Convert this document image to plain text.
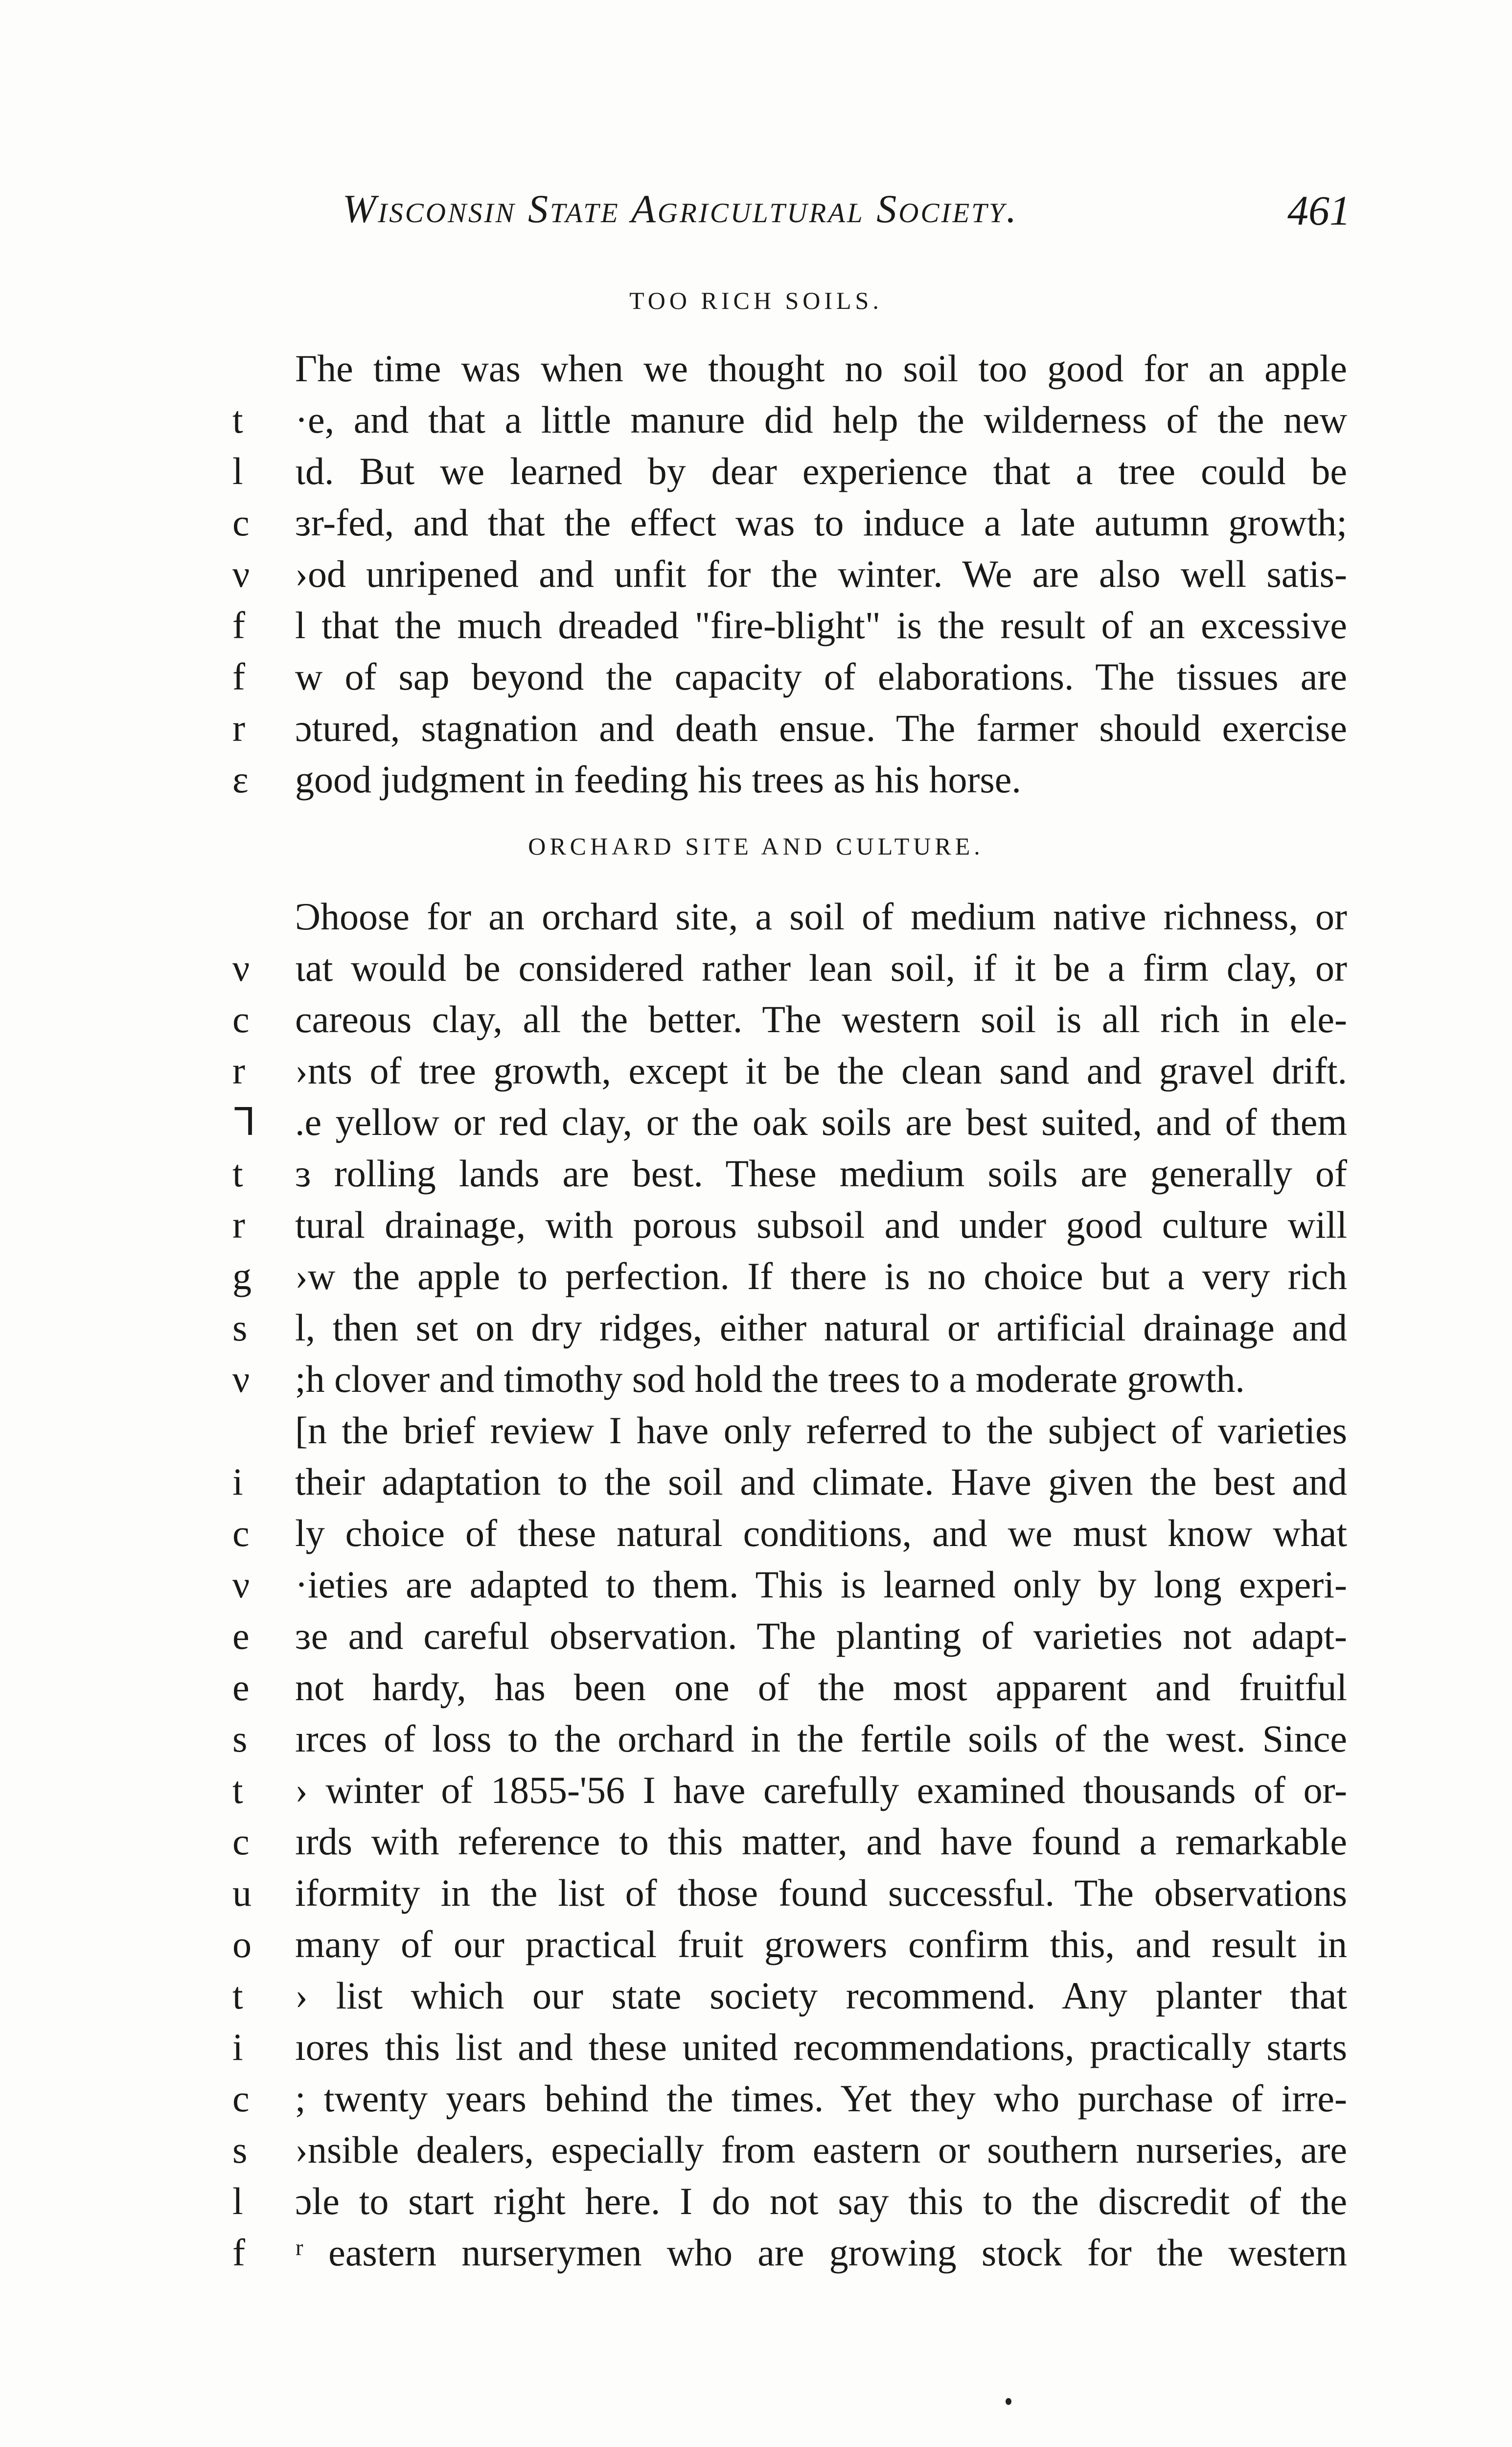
Wisconsin State Agricultural Society.	461
TOO RICH SOILS.
Гhe time was when we thought no soil too good for an apple
t ·e, and that a little manure did help the wilderness of the new
l ɩd. But we learned by dear experience that a tree could be
c ɜr-fed, and that the effect was to induce a late autumn growth;
ν ›od unripened and unfit for the winter. We are also well satis-
f l that the much dreaded "fire-blight" is the result of an excessive
f w of sap beyond the capacity of elaborations. The tissues are
r ɔtured, stagnation and death ensue. The farmer should exercise
ɛ good judgment in feeding his trees as his horse.
ORCHARD SITE AND CULTURE.
Ͻhoose for an orchard site, a soil of medium native richness, or
ν ɩat would be considered rather lean soil, if it be a firm clay, or
c careous clay, all the better. The western soil is all rich in ele-
r ›nts of tree growth, except it be the clean sand and gravel drift.
ᒣ .e yellow or red clay, or the oak soils are best suited, and of them
t ɜ rolling lands are best. These medium soils are generally of
r tural drainage, with porous subsoil and under good culture will
g ›w the apple to perfection. If there is no choice but a very rich
s l, then set on dry ridges, either natural or artificial drainage and
ν ;h clover and timothy sod hold the trees to a moderate growth.
[n the brief review I have only referred to the subject of varieties
i their adaptation to the soil and climate. Have given the best and
c ly choice of these natural conditions, and we must know what
ν ·ieties are adapted to them. This is learned only by long experi-
e ɜe and careful observation. The planting of varieties not adapt-
e not hardy, has been one of the most apparent and fruitful
s ırces of loss to the orchard in the fertile soils of the west. Since
t › winter of 1855-'56 I have carefully examined thousands of or-
c ırds with reference to this matter, and have found a remarkable
u iformity in the list of those found successful. The observations
o many of our practical fruit growers confirm this, and result in
t › list which our state society recommend. Any planter that
i ıores this list and these united recommendations, practically starts
c ; twenty years behind the times. Yet they who purchase of irre-
s ›nsible dealers, especially from eastern or southern nurseries, are
l ɔle to start right here. I do not say this to the discredit of the
f ʳ eastern nurserymen who are growing stock for the western
